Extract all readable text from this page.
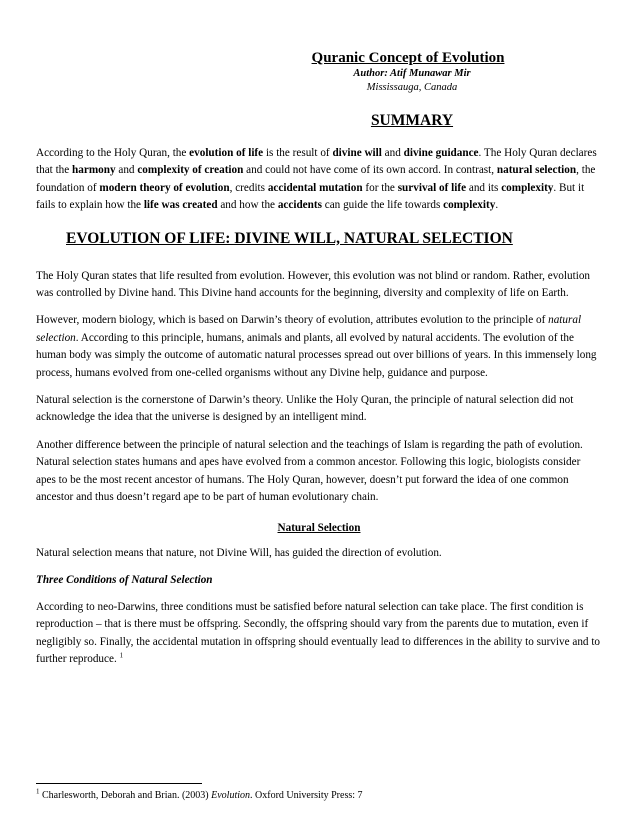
Quranic Concept of Evolution
Author: Atif Munawar Mir
Mississauga, Canada
SUMMARY

According to the Holy Quran, the evolution of life is the result of divine will and divine guidance. The Holy Quran declares that the harmony and complexity of creation and could not have come of its own accord. In contrast, natural selection, the foundation of modern theory of evolution, credits accidental mutation for the survival of life and its complexity. But it fails to explain how the life was created and how the accidents can guide the life towards complexity.

EVOLUTION OF LIFE: DIVINE WILL, NATURAL SELECTION

The Holy Quran states that life resulted from evolution. However, this evolution was not blind or random. Rather, evolution was controlled by Divine hand. This Divine hand accounts for the beginning, diversity and complexity of life on Earth.

However, modern biology, which is based on Darwin’s theory of evolution, attributes evolution to the principle of natural selection. According to this principle, humans, animals and plants, all evolved by natural accidents. The evolution of the human body was simply the outcome of automatic natural processes spread out over billions of years. In this immensely long process, humans evolved from one-celled organisms without any Divine help, guidance and purpose.

Natural selection is the cornerstone of Darwin’s theory. Unlike the Holy Quran, the principle of natural selection did not acknowledge the idea that the universe is designed by an intelligent mind.

Another difference between the principle of natural selection and the teachings of Islam is regarding the path of evolution. Natural selection states humans and apes have evolved from a common ancestor. Following this logic, biologists consider apes to be the most recent ancestor of humans. The Holy Quran, however, doesn’t put forward the idea of one common ancestor and thus doesn’t regard ape to be part of human evolutionary chain.

Natural Selection

Natural selection means that nature, not Divine Will, has guided the direction of evolution.

Three Conditions of Natural Selection

According to neo-Darwins, three conditions must be satisfied before natural selection can take place. The first condition is reproduction – that is there must be offspring. Secondly, the offspring should vary from the parents due to mutation, even if negligibly so. Finally, the accidental mutation in offspring should eventually lead to differences in the ability to survive and to further reproduce. $^1$

$^1$ Charlesworth, Deborah and Brian. (2003) Evolution. Oxford University Press: 7
